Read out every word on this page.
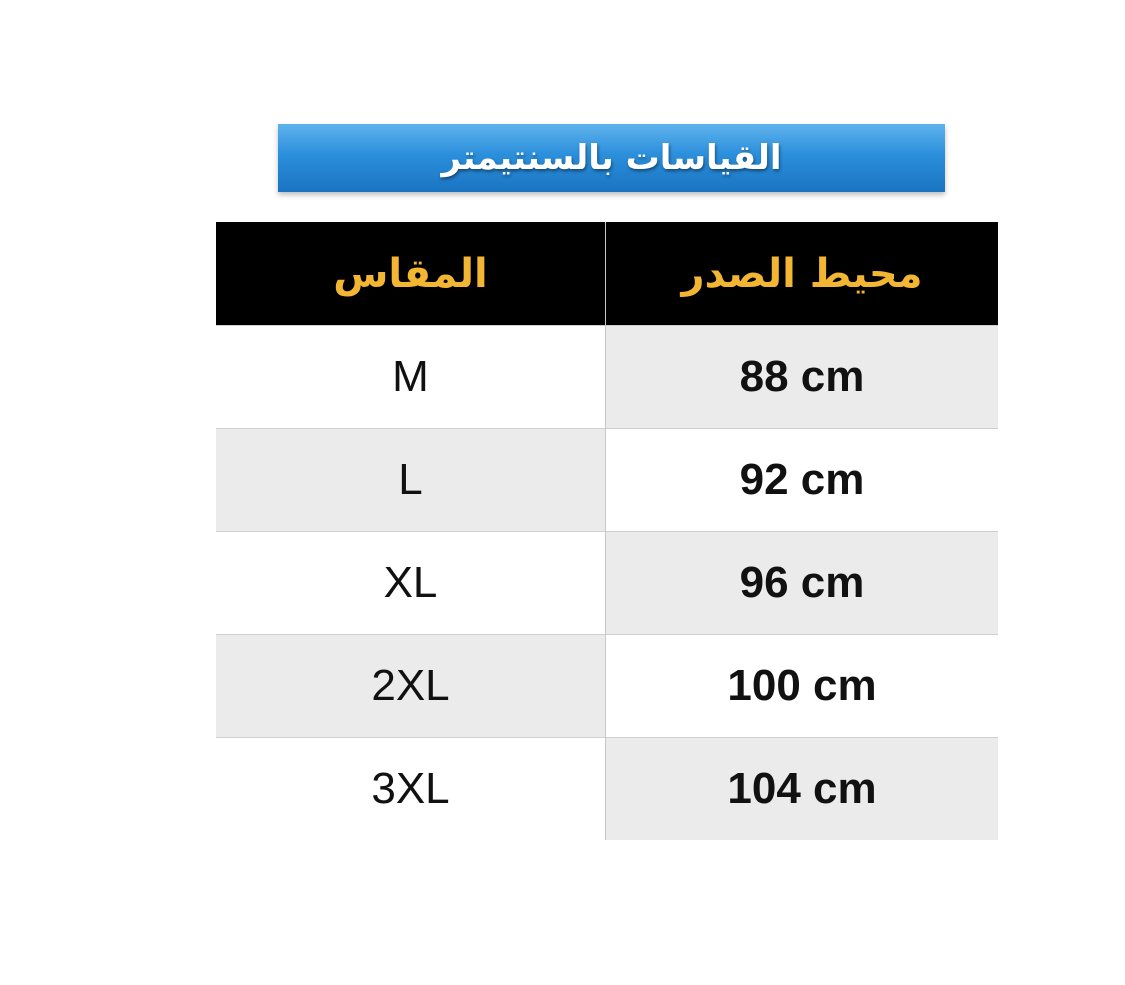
القياسات بالسنتيمتر
المقاس	محيط الصدر
M	88 cm
L	92 cm
XL	96 cm
2XL	100 cm
3XL	104 cm
